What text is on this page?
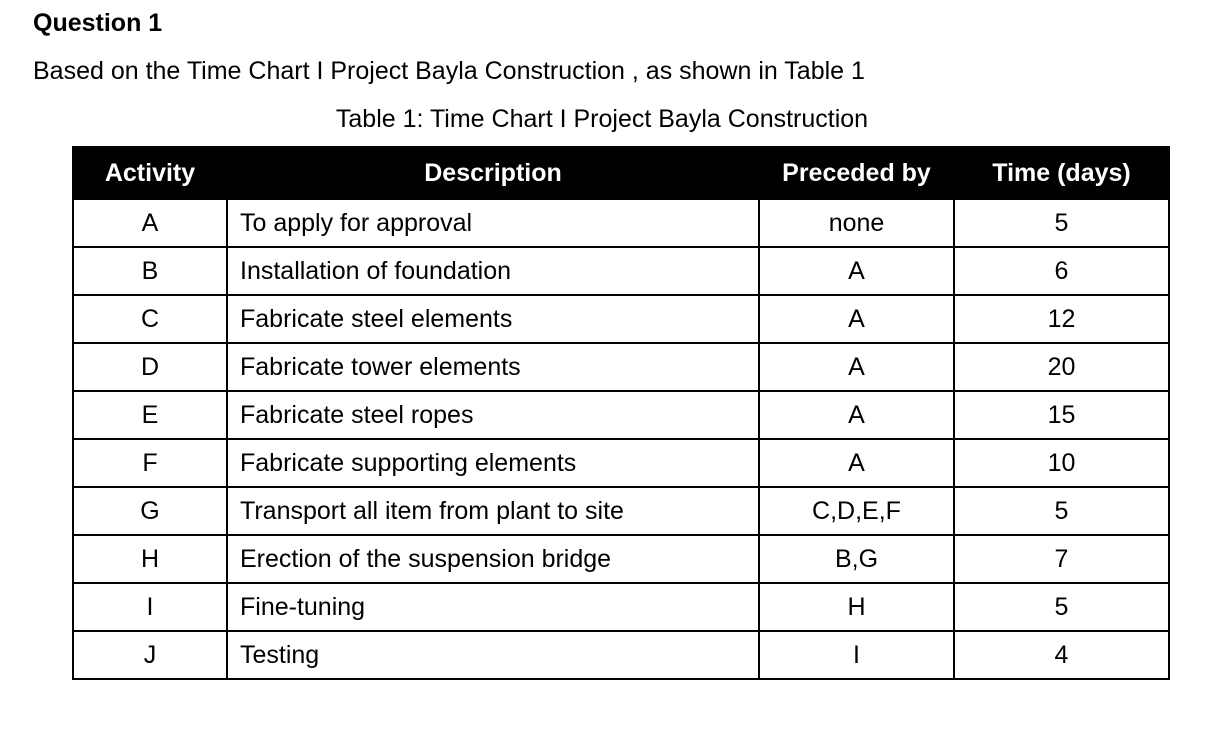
Question 1

Based on the Time Chart I Project Bayla Construction , as shown in Table 1

Table 1: Time Chart I Project Bayla Construction

Activity	Description	Preceded by	Time (days)
A	To apply for approval	none	5
B	Installation of foundation	A	6
C	Fabricate steel elements	A	12
D	Fabricate tower elements	A	20
E	Fabricate steel ropes	A	15
F	Fabricate supporting elements	A	10
G	Transport all item from plant to site	C,D,E,F	5
H	Erection of the suspension bridge	B,G	7
I	Fine-tuning	H	5
J	Testing	I	4
